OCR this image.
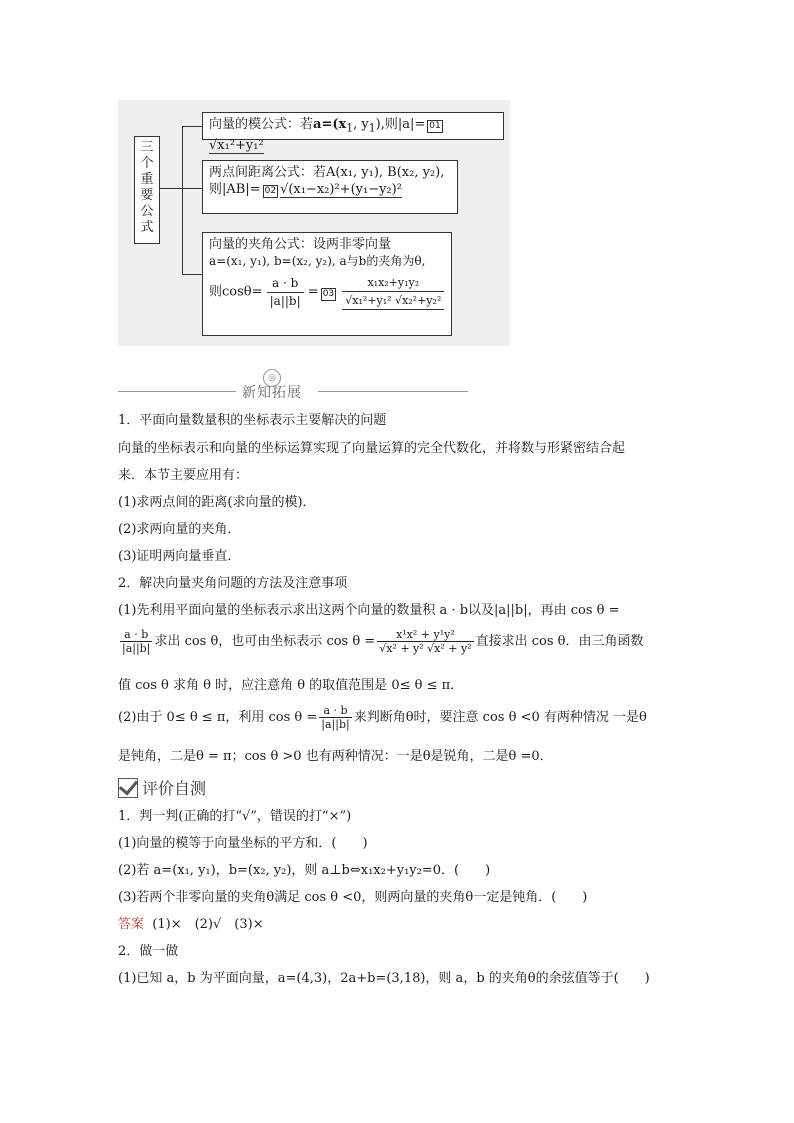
三
个
重
要
公
式
向量的模公式：若$a=(x_1$, $y_1$),则|a|= 01√x₁²+y₁²
两点间距离公式：若A(x₁, y₁), B(x₂, y₂),
则|AB|= 02 √(x₁−x₂)²+(y₁−y₂)²
向量的夹角公式：设两非零向量
a=(x₁, y₁), b=(x₂, y₂), a与b的夹角为θ,
则$\cos\theta= \frac{a \cdot b}{|a||b|} = 03 \frac{\text{x₁x₂+y₁y₂}}{\text{√x₁²+y₁² √x₂²+y₂²}}$
◎
新知拓展
1．平面向量数量积的坐标表示主要解决的问题
向量的坐标表示和向量的坐标运算实现了向量运算的完全代数化，并将数与形紧密结合起
来．本节主要应用有：
(1)求两点间的距离(求向量的模)．
(2)求两向量的夹角．
(3)证明两向量垂直．
2．解决向量夹角问题的方法及注意事项
(1)先利用平面向量的坐标表示求出这两个向量的数量积 a · b以及|a||b|，再由 cos θ =
$\frac{a \cdot b}{|a||b|}$ 求出 cos θ，也可由坐标表示 $\cos \theta = \frac{\text{x¹x² + y¹y²}}{\text{√x² + y² √x² + y²}}$ 直接求出 cos θ．由三角函数
值 cos θ 求角 θ 时，应注意角 θ 的取值范围是 0≤ θ ≤ π．
(2)由于 0≤ θ ≤ π，利用 $\cos \theta = \frac{a \cdot b}{|a||b|}$ 来判断角θ时，要注意 cos θ <0 有两种情况 一是θ
是钝角，二是θ = π；cos θ >0 也有两种情况：一是θ是锐角，二是θ =0．
评价自测
1．判一判(正确的打“√”，错误的打“×”)
(1)向量的模等于向量坐标的平方和．(　　)
(2)若 a=(x₁, y₁)，b=(x₂, y₂)，则 a⊥b⇔x₁x₂+y₁y₂=0．(　　)
(3)若两个非零向量的夹角θ满足 cos θ <0，则两向量的夹角θ一定是钝角．(　　)
答案 (1)×　(2)√　(3)×
2．做一做
(1)已知 a，b 为平面向量，a=(4,3)，2a+b=(3,18)，则 a，b 的夹角θ的余弦值等于(　　)
